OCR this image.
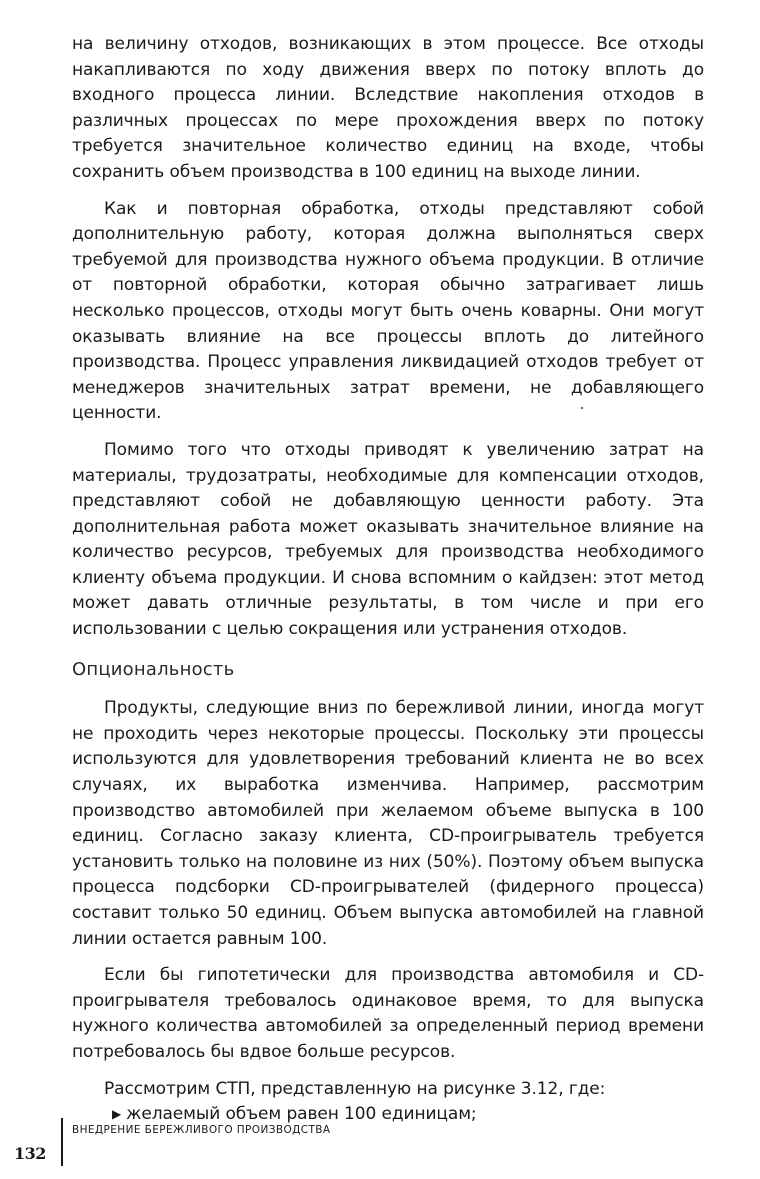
на величину отходов, возникающих в этом процессе. Все отходы накапливаются по ходу движения вверх по потоку вплоть до входного процесса линии. Вследствие накопления отходов в различных процессах по мере прохождения вверх по потоку требуется значительное количество единиц на входе, чтобы сохранить объем производства в 100 единиц на выходе линии.

Как и повторная обработка, отходы представляют собой дополнительную работу, которая должна выполняться сверх требуемой для производства нужного объема продукции. В отличие от повторной обработки, которая обычно затрагивает лишь несколько процессов, отходы могут быть очень коварны. Они могут оказывать влияние на все процессы вплоть до литейного производства. Процесс управления ликвидацией отходов требует от менеджеров значительных затрат времени, не добавляющего ценности.

Помимо того что отходы приводят к увеличению затрат на материалы, трудозатраты, необходимые для компенсации отходов, представляют собой не добавляющую ценности работу. Эта дополнительная работа может оказывать значительное влияние на количество ресурсов, требуемых для производства необходимого клиенту объема продукции. И снова вспомним о кайдзен: этот метод может давать отличные результаты, в том числе и при его использовании с целью сокращения или устранения отходов.

Опциональность

Продукты, следующие вниз по бережливой линии, иногда могут не проходить через некоторые процессы. Поскольку эти процессы используются для удовлетворения требований клиента не во всех случаях, их выработка изменчива. Например, рассмотрим производство автомобилей при желаемом объеме выпуска в 100 единиц. Согласно заказу клиента, CD-проигрыватель требуется установить только на половине из них (50%). Поэтому объем выпуска процесса подсборки CD-проигрывателей (фидерного процесса) составит только 50 единиц. Объем выпуска автомобилей на главной линии остается равным 100.

Если бы гипотетически для производства автомобиля и CD-проигрывателя требовалось одинаковое время, то для выпуска нужного количества автомобилей за определенный период времени потребовалось бы вдвое больше ресурсов.

Рассмотрим СТП, представленную на рисунке 3.12, где:

▶ желаемый объем равен 100 единицам;
132
ВНЕДРЕНИЕ БЕРЕЖЛИВОГО ПРОИЗВОДСТВА
